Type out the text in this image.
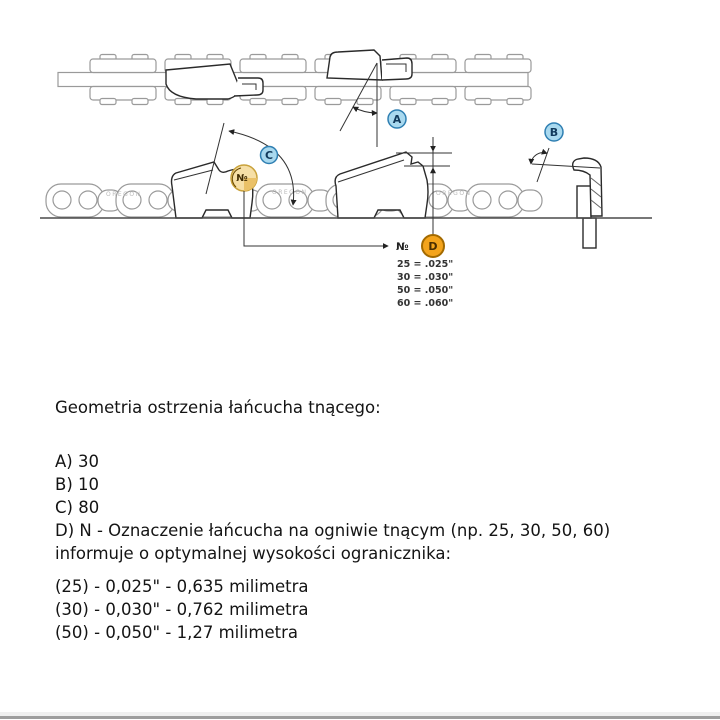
A
OREGON	OREGON	OREGON
B
C
№
№ D
25 = .025"
30 = .030"
50 = .050"
60 = .060"

Geometria ostrzenia łańcucha tnącego:

A) 30

B) 10

C) 80

D) N - Oznaczenie łańcucha na ogniwie tnącym (np. 25, 30, 50, 60)

informuje o optymalnej wysokości ogranicznika:

(25) - 0,025" - 0,635 milimetra

(30) - 0,030" - 0,762 milimetra

(50) - 0,050" - 1,27 milimetra
